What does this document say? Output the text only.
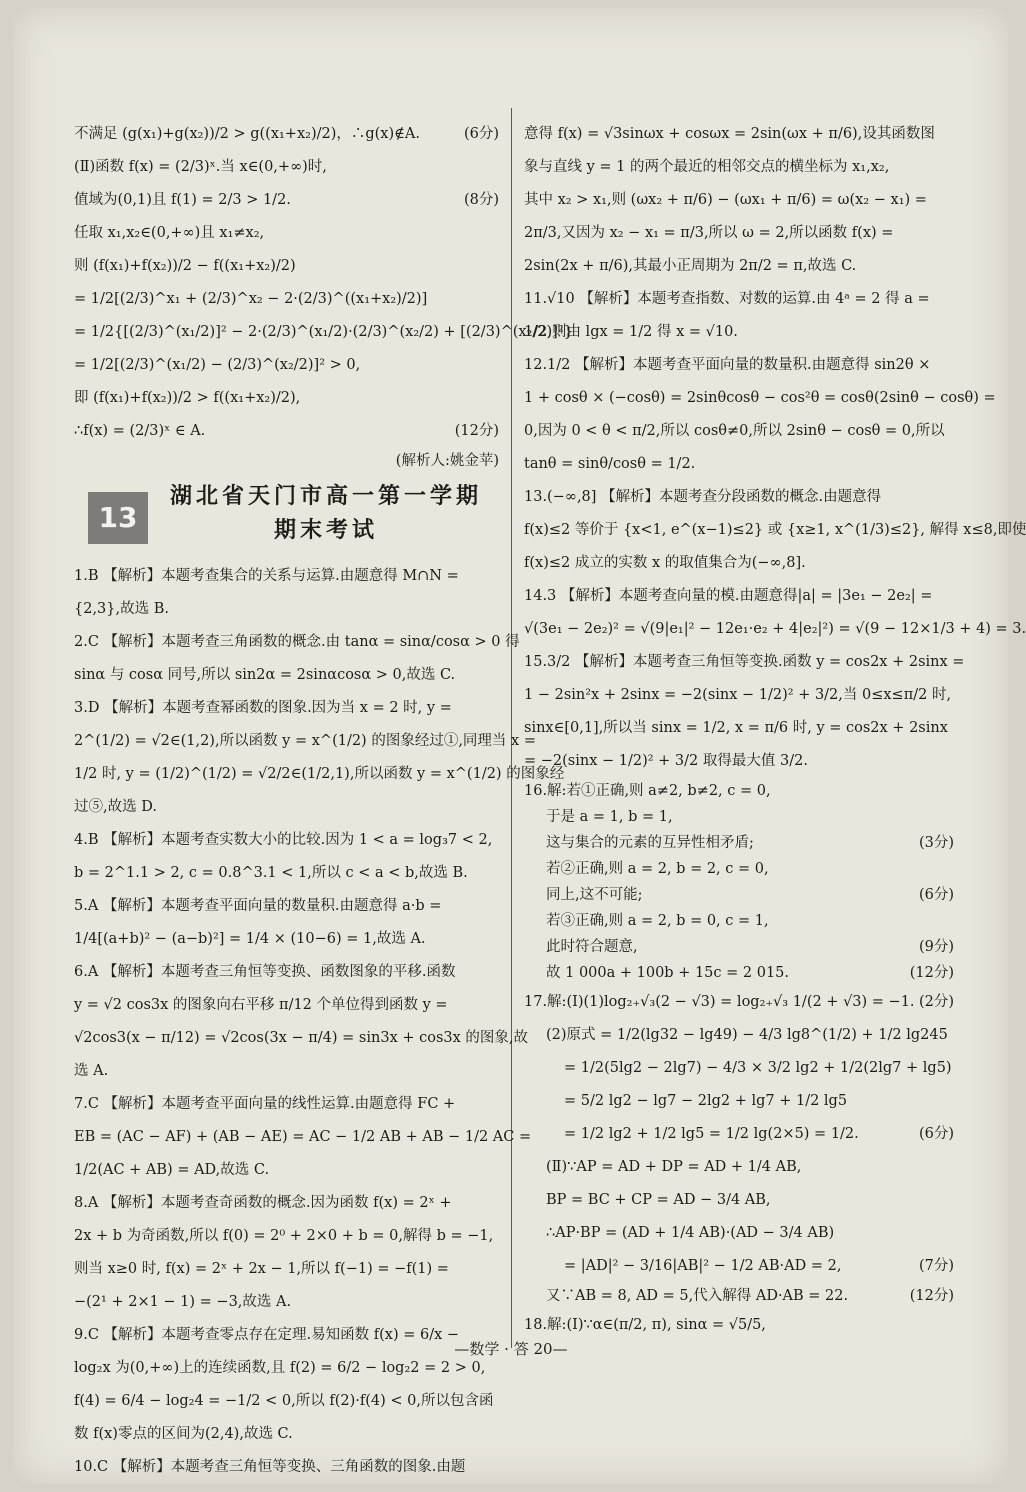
不满足 (g(x₁)+g(x₂))/2 > g((x₁+x₂)/2)，∴g(x)∉A.	(6分)
(Ⅱ)函数 f(x) = (2/3)ˣ.当 x∈(0,+∞)时,
值域为(0,1)且 f(1) = 2/3 > 1/2.	(8分)
任取 x₁,x₂∈(0,+∞)且 x₁≠x₂,
则 (f(x₁)+f(x₂))/2 − f((x₁+x₂)/2)
= 1/2[(2/3)^x₁ + (2/3)^x₂ − 2·(2/3)^((x₁+x₂)/2)]
= 1/2{[(2/3)^(x₁/2)]² − 2·(2/3)^(x₁/2)·(2/3)^(x₂/2) + [(2/3)^(x₂/2)]²}
= 1/2[(2/3)^(x₁/2) − (2/3)^(x₂/2)]² > 0,
即 (f(x₁)+f(x₂))/2 > f((x₁+x₂)/2),
∴f(x) = (2/3)ˣ ∈ A.	(12分)
(解析人:姚金苹)
13
湖北省天门市高一第一学期
期末考试
1.B 【解析】本题考查集合的关系与运算.由题意得 M∩N =
{2,3},故选 B.
2.C 【解析】本题考查三角函数的概念.由 tanα = sinα/cosα > 0 得
sinα 与 cosα 同号,所以 sin2α = 2sinαcosα > 0,故选 C.
3.D 【解析】本题考查幂函数的图象.因为当 x = 2 时, y =
2^(1/2) = √2∈(1,2),所以函数 y = x^(1/2) 的图象经过①,同理当 x =
1/2 时, y = (1/2)^(1/2) = √2/2∈(1/2,1),所以函数 y = x^(1/2) 的图象经
过⑤,故选 D.
4.B 【解析】本题考查实数大小的比较.因为 1 < a = log₃7 < 2,
b = 2^1.1 > 2, c = 0.8^3.1 < 1,所以 c < a < b,故选 B.
5.A 【解析】本题考查平面向量的数量积.由题意得 a·b =
1/4[(a+b)² − (a−b)²] = 1/4 × (10−6) = 1,故选 A.
6.A 【解析】本题考查三角恒等变换、函数图象的平移.函数
y = √2 cos3x 的图象向右平移 π/12 个单位得到函数 y =
√2cos3(x − π/12) = √2cos(3x − π/4) = sin3x + cos3x 的图象,故
选 A.
7.C 【解析】本题考查平面向量的线性运算.由题意得 FC +
EB = (AC − AF) + (AB − AE) = AC − 1/2 AB + AB − 1/2 AC =
1/2(AC + AB) = AD,故选 C.
8.A 【解析】本题考查奇函数的概念.因为函数 f(x) = 2ˣ +
2x + b 为奇函数,所以 f(0) = 2⁰ + 2×0 + b = 0,解得 b = −1,
则当 x≥0 时, f(x) = 2ˣ + 2x − 1,所以 f(−1) = −f(1) =
−(2¹ + 2×1 − 1) = −3,故选 A.
9.C 【解析】本题考查零点存在定理.易知函数 f(x) = 6/x −
log₂x 为(0,+∞)上的连续函数,且 f(2) = 6/2 − log₂2 = 2 > 0,
f(4) = 6/4 − log₂4 = −1/2 < 0,所以 f(2)·f(4) < 0,所以包含函
数 f(x)零点的区间为(2,4),故选 C.
10.C 【解析】本题考查三角恒等变换、三角函数的图象.由题
意得 f(x) = √3sinωx + cosωx = 2sin(ωx + π/6),设其函数图
象与直线 y = 1 的两个最近的相邻交点的横坐标为 x₁,x₂,
其中 x₂ > x₁,则 (ωx₂ + π/6) − (ωx₁ + π/6) = ω(x₂ − x₁) =
2π/3,又因为 x₂ − x₁ = π/3,所以 ω = 2,所以函数 f(x) =
2sin(2x + π/6),其最小正周期为 2π/2 = π,故选 C.
11.√10 【解析】本题考查指数、对数的运算.由 4ᵃ = 2 得 a =
1/2,则由 lgx = 1/2 得 x = √10.
12.1/2 【解析】本题考查平面向量的数量积.由题意得 sin2θ ×
1 + cosθ × (−cosθ) = 2sinθcosθ − cos²θ = cosθ(2sinθ − cosθ) =
0,因为 0 < θ < π/2,所以 cosθ≠0,所以 2sinθ − cosθ = 0,所以
tanθ = sinθ/cosθ = 1/2.
13.(−∞,8] 【解析】本题考查分段函数的概念.由题意得
f(x)≤2 等价于 {x<1, e^(x−1)≤2} 或 {x≥1, x^(1/3)≤2}, 解得 x≤8,即使
f(x)≤2 成立的实数 x 的取值集合为(−∞,8].
14.3 【解析】本题考查向量的模.由题意得|a| = |3e₁ − 2e₂| =
√(3e₁ − 2e₂)² = √(9|e₁|² − 12e₁·e₂ + 4|e₂|²) = √(9 − 12×1/3 + 4) = 3.
15.3/2 【解析】本题考查三角恒等变换.函数 y = cos2x + 2sinx =
1 − 2sin²x + 2sinx = −2(sinx − 1/2)² + 3/2,当 0≤x≤π/2 时,
sinx∈[0,1],所以当 sinx = 1/2, x = π/6 时, y = cos2x + 2sinx
= −2(sinx − 1/2)² + 3/2 取得最大值 3/2.
16.解:若①正确,则 a≠2, b≠2, c = 0,
于是 a = 1, b = 1,
这与集合的元素的互异性相矛盾;	(3分)
若②正确,则 a = 2, b = 2, c = 0,
同上,这不可能;	(6分)
若③正确,则 a = 2, b = 0, c = 1,
此时符合题意,	(9分)
故 1 000a + 100b + 15c = 2 015.	(12分)
17.解:(Ⅰ)(1)log₂₊√₃(2 − √3) = log₂₊√₃ 1/(2 + √3) = −1. (2分)
(2)原式 = 1/2(lg32 − lg49) − 4/3 lg8^(1/2) + 1/2 lg245
= 1/2(5lg2 − 2lg7) − 4/3 × 3/2 lg2 + 1/2(2lg7 + lg5)
= 5/2 lg2 − lg7 − 2lg2 + lg7 + 1/2 lg5
= 1/2 lg2 + 1/2 lg5 = 1/2 lg(2×5) = 1/2.	(6分)
(Ⅱ)∵AP = AD + DP = AD + 1/4 AB,
BP = BC + CP = AD − 3/4 AB,
∴AP·BP = (AD + 1/4 AB)·(AD − 3/4 AB)
= |AD|² − 3/16|AB|² − 1/2 AB·AD = 2,	(7分)
又∵AB = 8, AD = 5,代入解得 AD·AB = 22.	(12分)
18.解:(Ⅰ)∵α∈(π/2, π), sinα = √5/5,
—数学 · 答 20—
